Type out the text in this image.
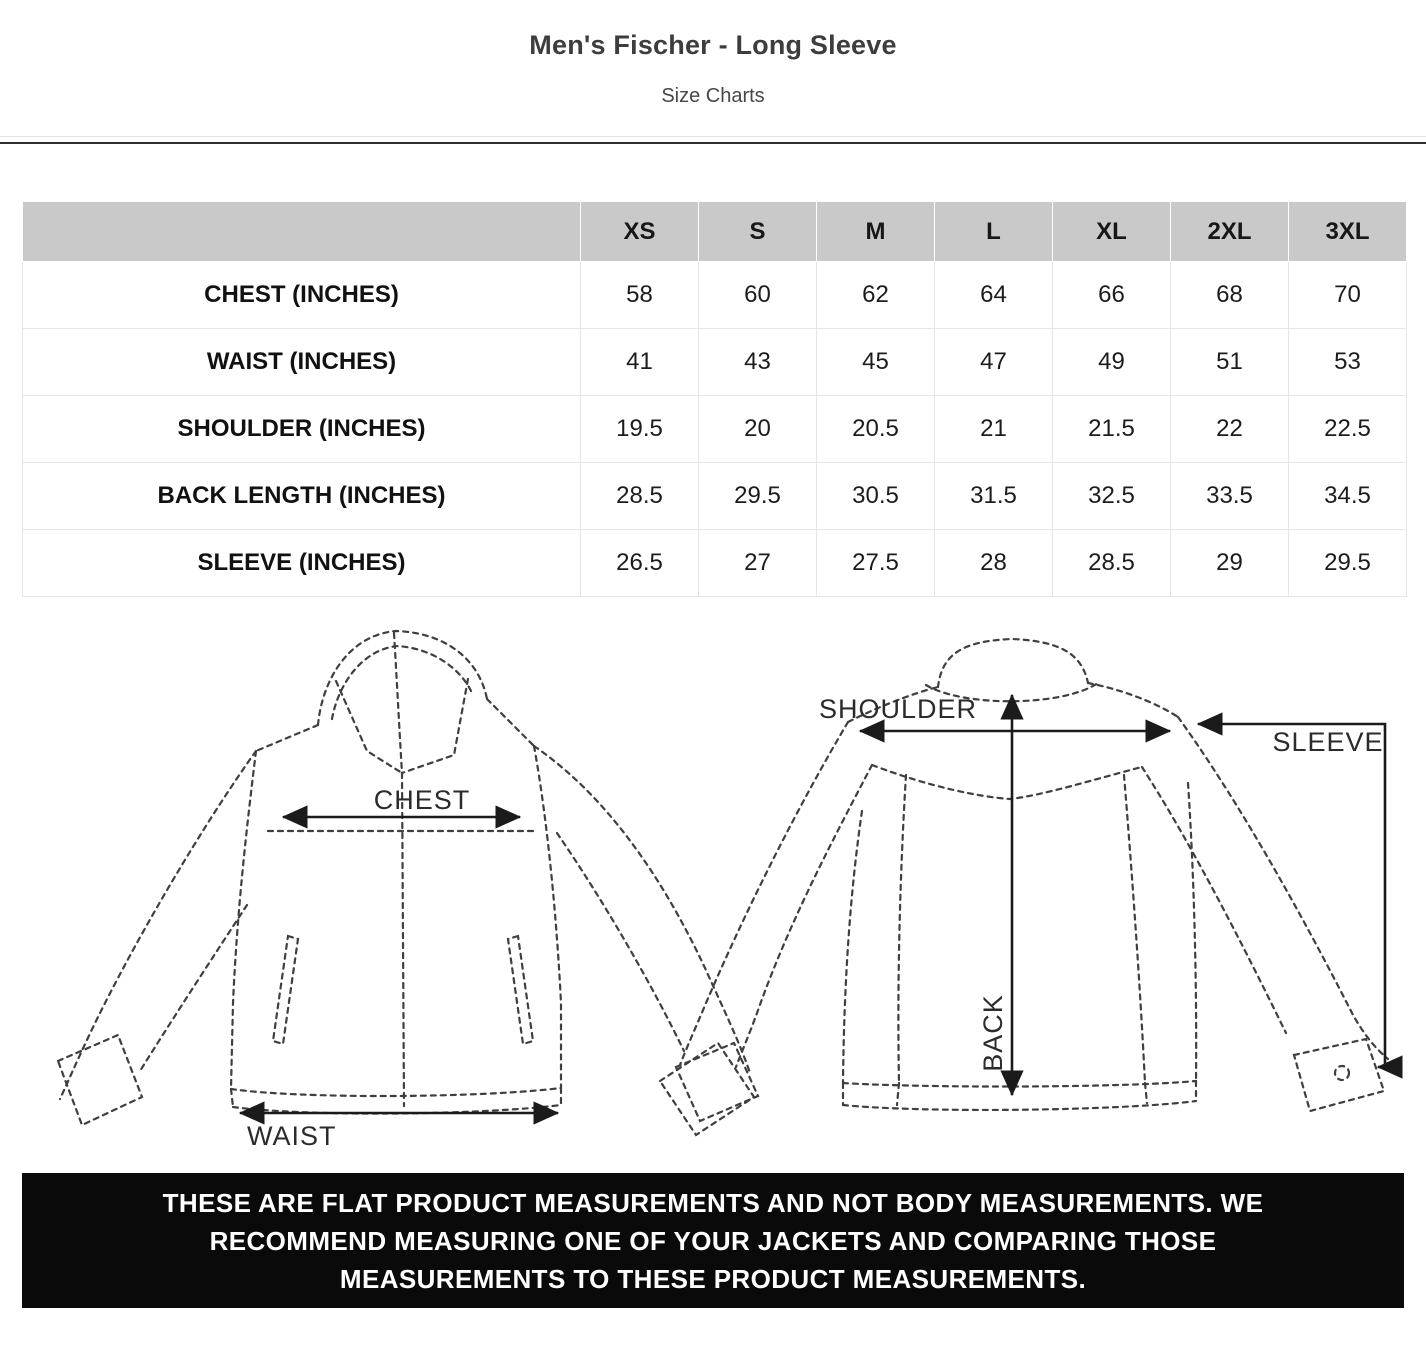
Men's Fischer - Long Sleeve
Size Charts
	XS	S	M	L	XL	2XL	3XL
CHEST (INCHES)	58	60	62	64	66	68	70
WAIST (INCHES)	41	43	45	47	49	51	53
SHOULDER (INCHES)	19.5	20	20.5	21	21.5	22	22.5
BACK LENGTH (INCHES)	28.5	29.5	30.5	31.5	32.5	33.5	34.5
SLEEVE (INCHES)	26.5	27	27.5	28	28.5	29	29.5
CHEST
WAIST
SHOULDER
SLEEVE
BACK
THESE ARE FLAT PRODUCT MEASUREMENTS AND NOT BODY MEASUREMENTS. WE
RECOMMEND MEASURING ONE OF YOUR JACKETS AND COMPARING THOSE
MEASUREMENTS TO THESE PRODUCT MEASUREMENTS.
